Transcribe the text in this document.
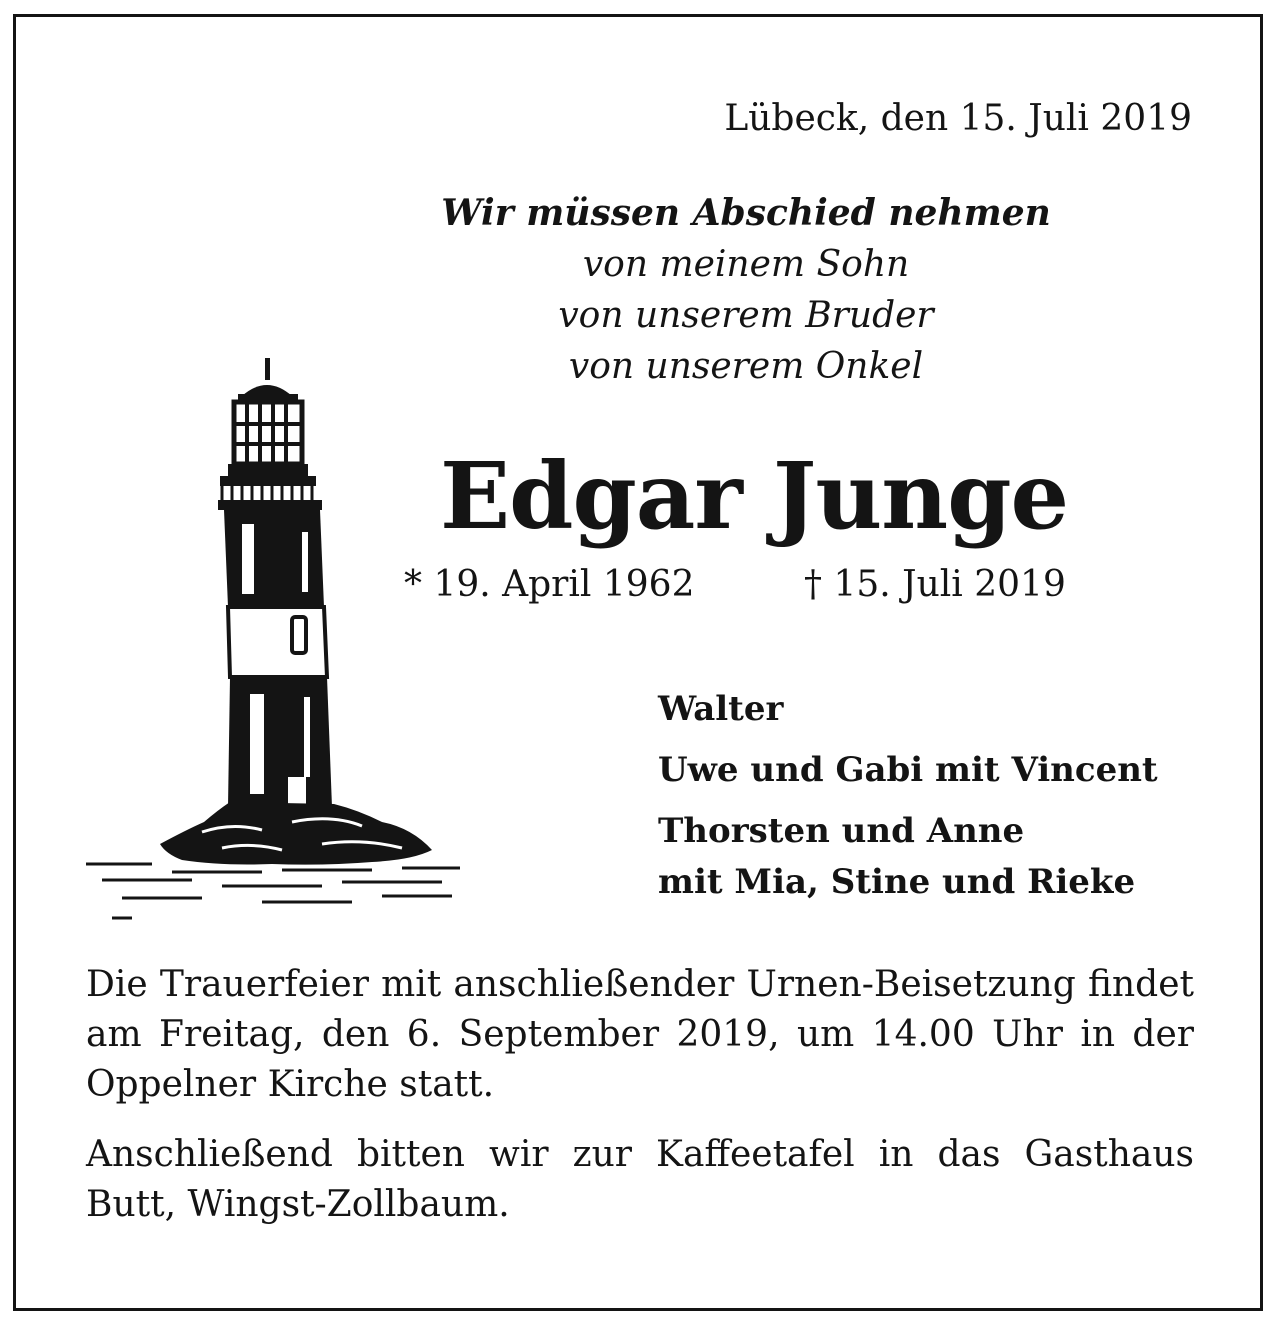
Lübeck, den 15. Juli 2019
Wir müssen Abschied nehmen
von meinem Sohn
von unserem Bruder
von unserem Onkel
Edgar Junge
* 19. April 1962	† 15. Juli 2019
Walter
Uwe und Gabi mit Vincent
Thorsten und Anne
mit Mia, Stine und Rieke
Die Trauerfeier mit anschließender Urnen-Beisetzung findet am Freitag, den 6. September 2019, um 14.00 Uhr in der Oppelner Kirche statt.
Anschließend bitten wir zur Kaffeetafel in das Gasthaus Butt, Wingst-Zollbaum.
